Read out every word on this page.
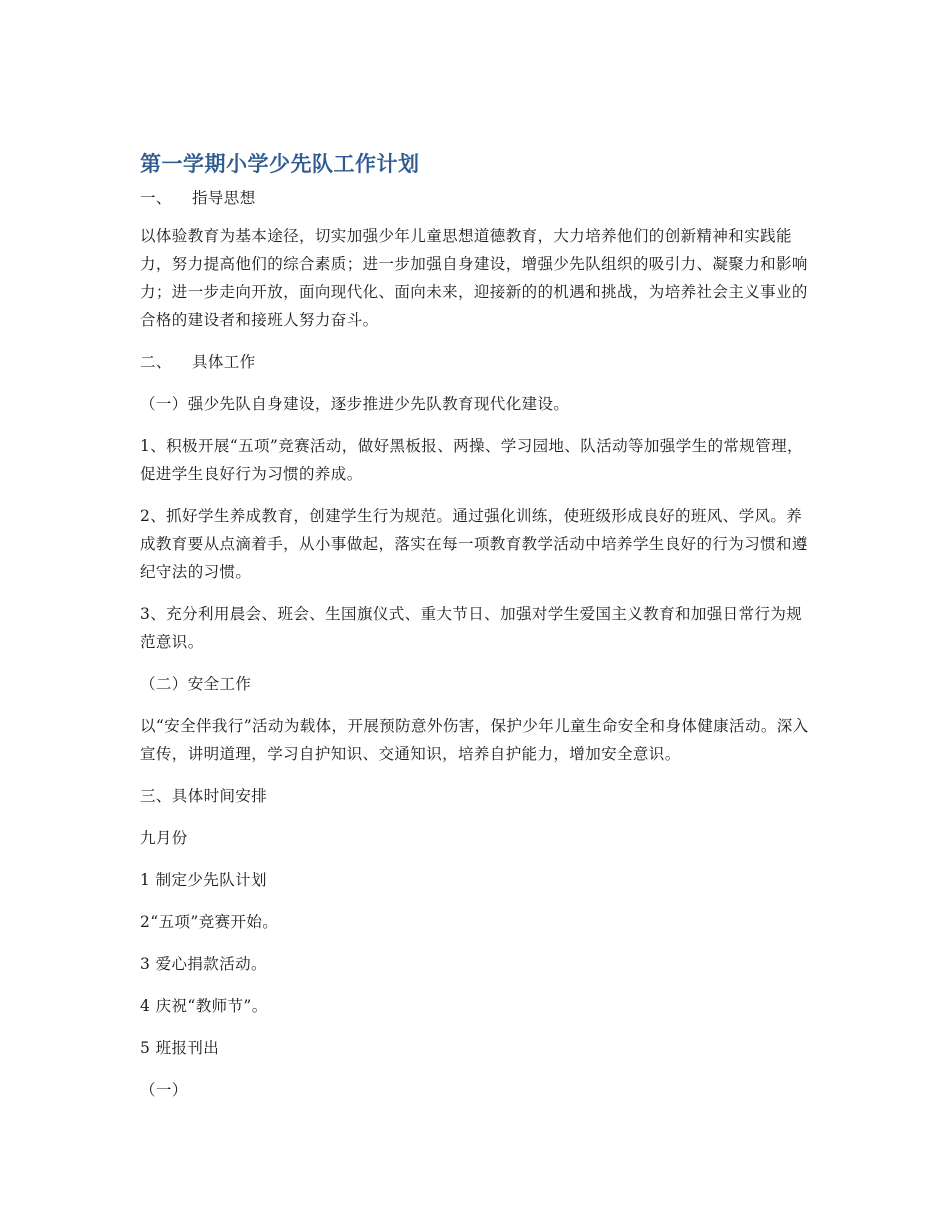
第一学期小学少先队工作计划
一、 指导思想

以体验教育为基本途径，切实加强少年儿童思想道德教育，大力培养他们的创新精神和实践能力，努力提高他们的综合素质；进一步加强自身建设，增强少先队组织的吸引力、凝聚力和影响力；进一步走向开放，面向现代化、面向未来，迎接新的的机遇和挑战，为培养社会主义事业的合格的建设者和接班人努力奋斗。

二、 具体工作

（一）强少先队自身建设，逐步推进少先队教育现代化建设。

1、积极开展“五项”竞赛活动，做好黑板报、两操、学习园地、队活动等加强学生的常规管理，促进学生良好行为习惯的养成。

2、抓好学生养成教育，创建学生行为规范。通过强化训练，使班级形成良好的班风、学风。养成教育要从点滴着手，从小事做起，落实在每一项教育教学活动中培养学生良好的行为习惯和遵纪守法的习惯。

3、充分利用晨会、班会、生国旗仪式、重大节日、加强对学生爱国主义教育和加强日常行为规范意识。

（二）安全工作

以“安全伴我行”活动为载体，开展预防意外伤害，保护少年儿童生命安全和身体健康活动。深入宣传，讲明道理，学习自护知识、交通知识，培养自护能力，增加安全意识。

三、具体时间安排

九月份

1 制定少先队计划

2“五项”竞赛开始。

3 爱心捐款活动。

4 庆祝“教师节”。

5 班报刊出

（一）
